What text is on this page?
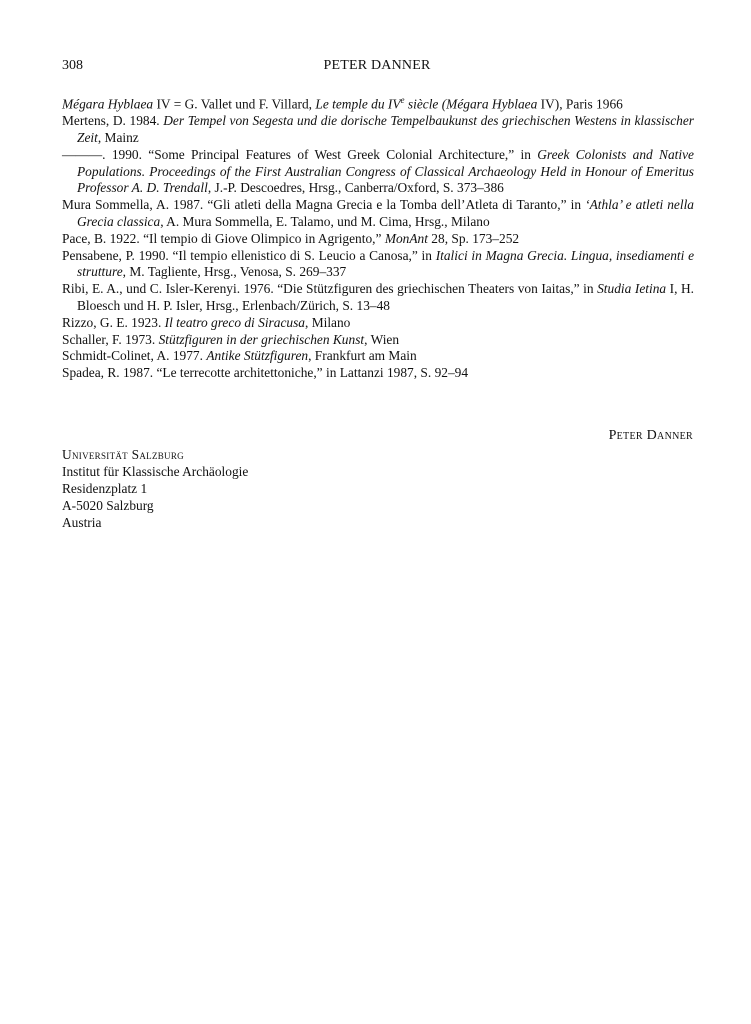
308	PETER DANNER

Mégara Hyblaea IV = G. Vallet und F. Villard, Le temple du IVe siècle (Mégara Hyblaea IV), Paris 1966

Mertens, D. 1984. Der Tempel von Segesta und die dorische Tempelbaukunst des griechischen Westens in klassischer Zeit, Mainz

———. 1990. “Some Principal Features of West Greek Colonial Architecture,” in Greek Colonists and Native Populations. Proceedings of the First Australian Congress of Classical Archaeology Held in Honour of Emeritus Professor A. D. Trendall, J.-P. Descoedres, Hrsg., Canberra/Oxford, S. 373–386

Mura Sommella, A. 1987. “Gli atleti della Magna Grecia e la Tomba dell’Atleta di Taranto,” in ‘Athla’ e atleti nella Grecia classica, A. Mura Sommella, E. Talamo, und M. Cima, Hrsg., Milano

Pace, B. 1922. “Il tempio di Giove Olimpico in Agrigento,” MonAnt 28, Sp. 173–252

Pensabene, P. 1990. “Il tempio ellenistico di S. Leucio a Canosa,” in Italici in Magna Grecia. Lingua, insediamenti e strutture, M. Tagliente, Hrsg., Venosa, S. 269–337

Ribi, E. A., und C. Isler-Kerenyi. 1976. “Die Stützfiguren des griechischen Theaters von Iaitas,” in Studia Ietina I, H. Bloesch und H. P. Isler, Hrsg., Erlenbach/Zürich, S. 13–48

Rizzo, G. E. 1923. Il teatro greco di Siracusa, Milano

Schaller, F. 1973. Stützfiguren in der griechischen Kunst, Wien

Schmidt-Colinet, A. 1977. Antike Stützfiguren, Frankfurt am Main

Spadea, R. 1987. “Le terrecotte architettoniche,” in Lattanzi 1987, S. 92–94

Peter Danner
Universität Salzburg
Institut für Klassische Archäologie
Residenzplatz 1
A-5020 Salzburg
Austria
